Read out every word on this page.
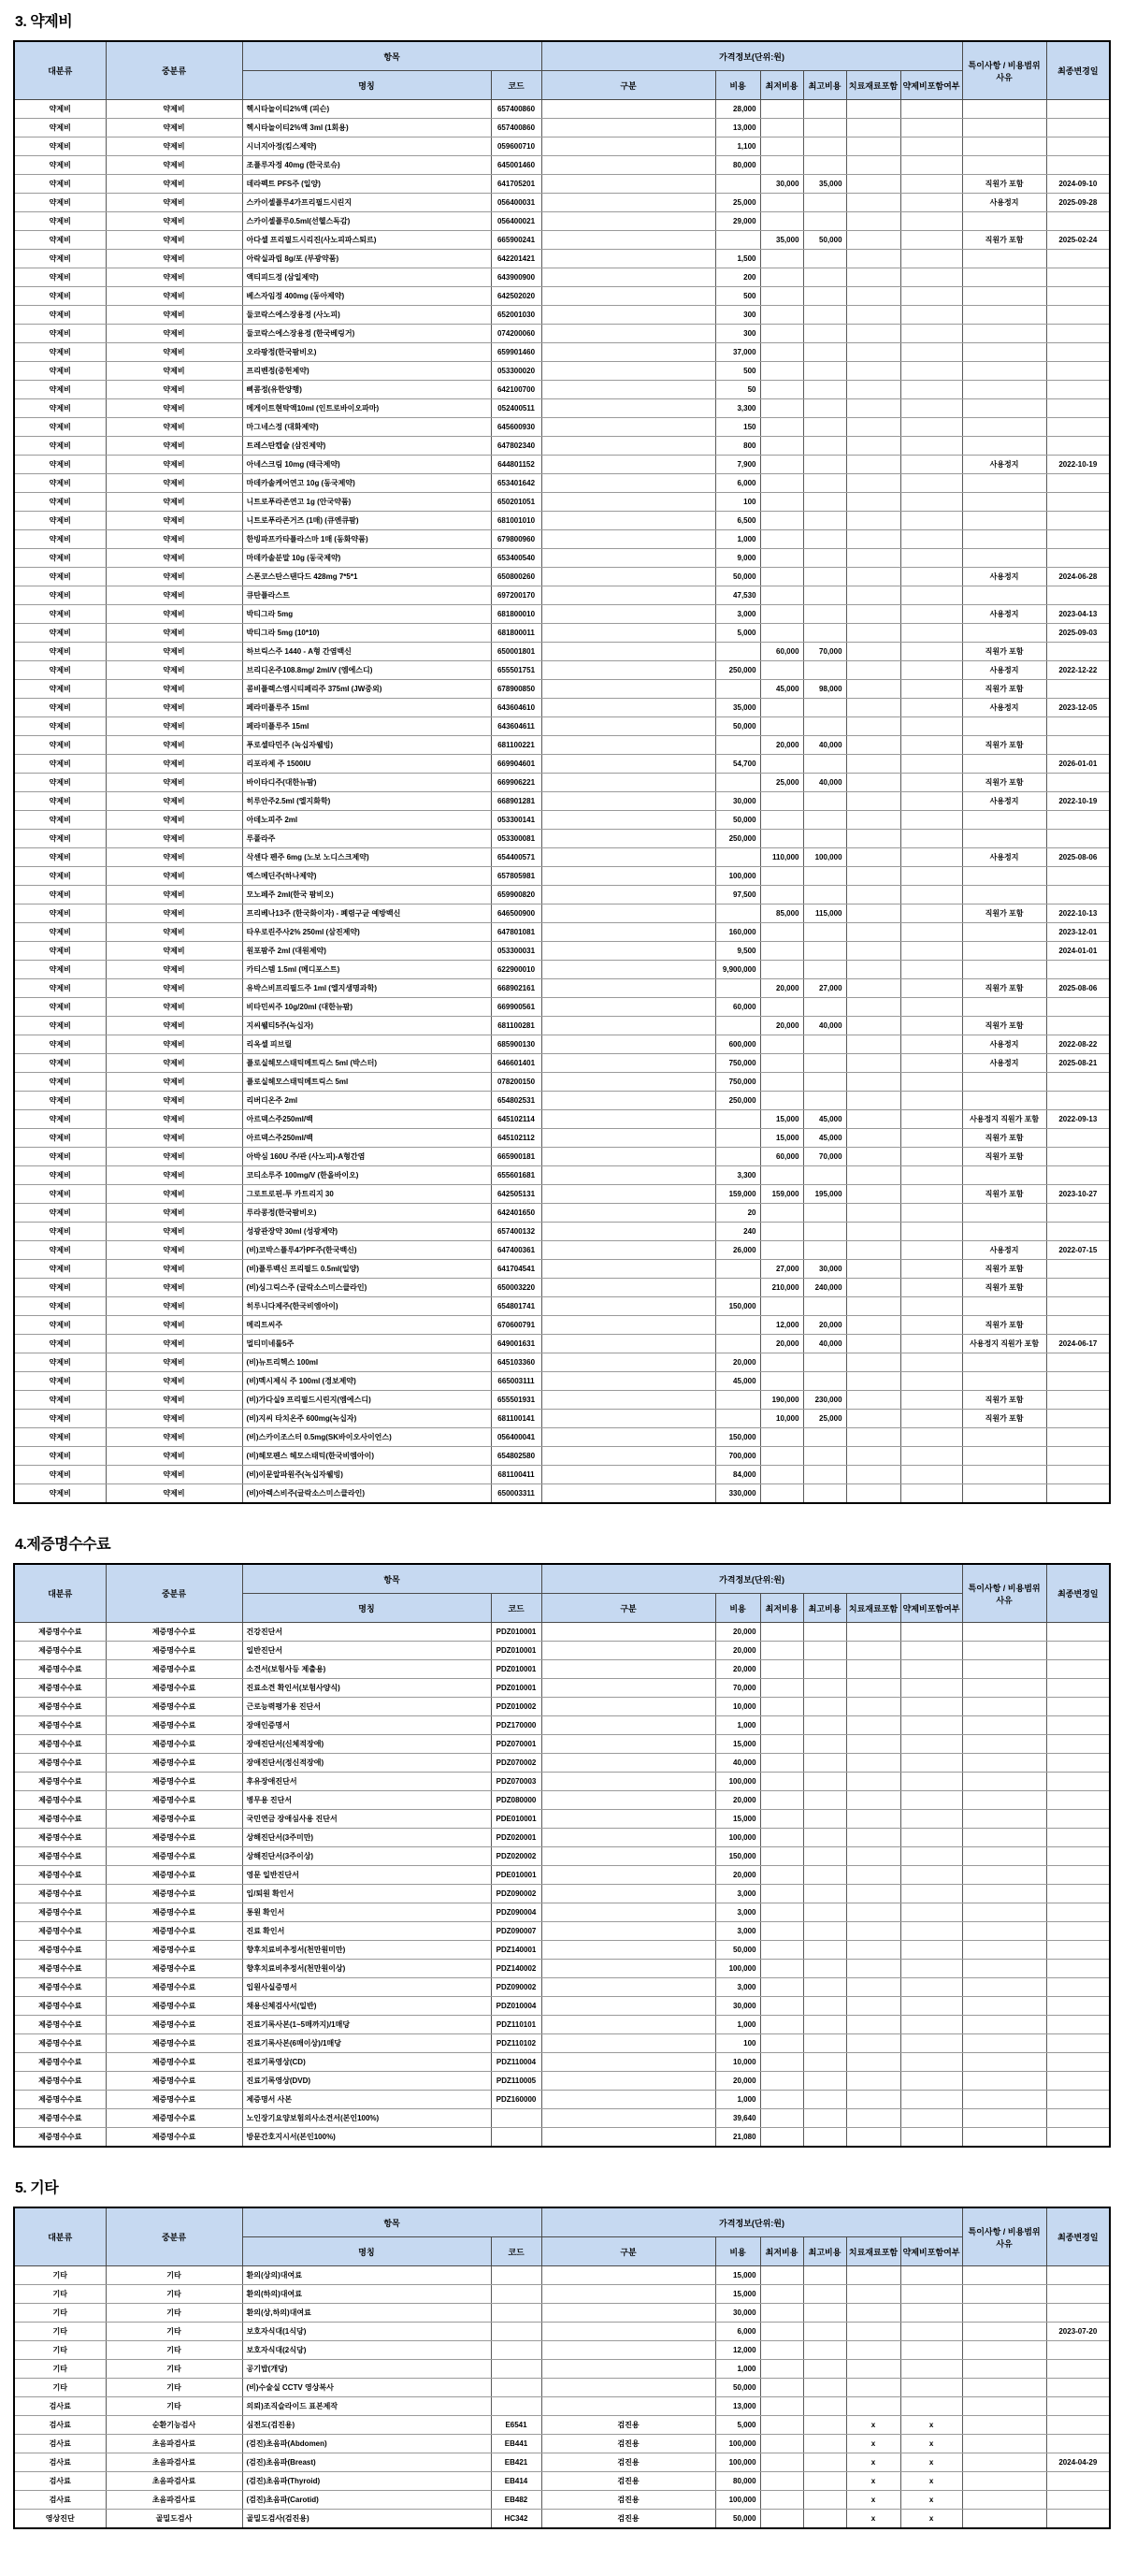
3. 약제비
대분류	중분류	항목		가격정보(단위:원)						특이사항 / 비용범위사유	최종변경일
		명칭	코드	구분	비용	최저비용	최고비용	치료재료포함	약제비포함여부		
약제비	약제비	헥시타놀이티2%액 (피슨)	657400860		28,000						
약제비	약제비	헥시타놀이티2%액 3ml (1회용)	657400860		13,000						
약제비	약제비	시너지아정(킴스제약)	059600710		1,100						
약제비	약제비	조플루자정 40mg (한국로슈)	645001460		80,000						
약제비	약제비	데라펙트 PFS주 (일양)	641705201			30,000	35,000			직원가 포함	2024-09-10
약제비	약제비	스카이셀플루4가프리필드시린지	056400031		25,000					사용정지	2025-09-28
약제비	약제비	스카이셀플루0.5ml(선헬스독감)	056400021		29,000						
약제비	약제비	아다셀 프리필드시리진(사노피파스퇴르)	665900241			35,000	50,000			직원가 포함	2025-02-24
약제비	약제비	아락실과립 8g/포 (부광약품)	642201421		1,500						
약제비	약제비	액티피드정 (삼일제약)	643900900		200						
약제비	약제비	베스자임정 400mg (동아제약)	642502020		500						
약제비	약제비	둘코락스에스장용정 (사노피)	652001030		300						
약제비	약제비	둘코락스에스장용정 (한국베링거)	074200060		300						
약제비	약제비	오라팡정(한국팜비오)	659901460		37,000						
약제비	약제비	프리벤정(중헌제약)	053300020		500						
약제비	약제비	삐콤정(유한양행)	642100700		50						
약제비	약제비	메게이트현탁액10ml (인트로바이오파마)	052400511		3,300						
약제비	약제비	마그네스정 (대화제약)	645600930		150						
약제비	약제비	트레스탄캡슐 (삼진제약)	647802340		800						
약제비	약제비	아네스크림 10mg (태극제약)	644801152		7,900					사용정지	2022-10-19
약제비	약제비	마데카솔케어연고 10g (동국제약)	653401642		6,000						
약제비	약제비	니트로푸라존연고 1g (안국약품)	650201051		100						
약제비	약제비	니트로푸라존거즈 (1매) (큐엔큐팜)	681001010		6,500						
약제비	약제비	한빙파프카타플라스마 1매 (동화약품)	679800960		1,000						
약제비	약제비	마데카솔분말 10g (동국제약)	653400540		9,000						
약제비	약제비	스폰코스탄스탠다드 428mg 7*5*1	650800260		50,000					사용정지	2024-06-28
약제비	약제비	큐탄플라스트	697200170		47,530						
약제비	약제비	박티그라 5mg	681800010		3,000					사용정지	2023-04-13
약제비	약제비	박티그라 5mg (10*10)	681800011		5,000						2025-09-03
약제비	약제비	하브릭스주 1440 - A형 간염백신	650001801			60,000	70,000			직원가 포함	
약제비	약제비	브리디온주108.8mg/ 2ml/V (엠에스디)	655501751		250,000					사용정지	2022-12-22
약제비	약제비	콤비플렉스엠시티페리주 375ml (JW중외)	678900850			45,000	98,000			직원가 포함	
약제비	약제비	페라미플루주 15ml	643604610		35,000					사용정지	2023-12-05
약제비	약제비	페라미플루주 15ml	643604611		50,000						
약제비	약제비	푸로셀타민주 (녹십자웰빙)	681100221			20,000	40,000			직원가 포함	
약제비	약제비	리포라제 주 1500IU	669904601		54,700						2026-01-01
약제비	약제비	바이타디주(대한뉴팜)	669906221			25,000	40,000			직원가 포함	
약제비	약제비	히루안주2.5ml (엘지화학)	668901281		30,000					사용정지	2022-10-19
약제비	약제비	아데노피주 2ml	053300141		50,000						
약제비	약제비	루폴라주	053300081		250,000						
약제비	약제비	삭센다 펜주 6mg (노보 노디스크제약)	654400571			110,000	100,000			사용정지	2025-08-06
약제비	약제비	엑스메딘주(하나제약)	657805981		100,000						
약제비	약제비	모노페주 2ml(한국 팜비오)	659900820		97,500						
약제비	약제비	프리베나13주 (한국화이자) - 폐렴구균 예방백신	646500900			85,000	115,000			직원가 포함	2022-10-13
약제비	약제비	타우로린주사2% 250ml (삼진제약)	647801081		160,000						2023-12-01
약제비	약제비	원포팜주 2ml (대원제약)	053300031		9,500						2024-01-01
약제비	약제비	카티스템 1.5ml (메디포스트)	622900010		9,900,000						
약제비	약제비	유박스비프리필드주 1ml (엘지생명과학)	668902161			20,000	27,000			직원가 포함	2025-08-06
약제비	약제비	비타민씨주 10g/20ml (대한뉴팜)	669900561		60,000						
약제비	약제비	지씨웰티5주(녹십자)	681100281			20,000	40,000			직원가 포함	
약제비	약제비	리옥셀 피브릴	685900130		600,000					사용정지	2022-08-22
약제비	약제비	플로실헤모스태틱메트릭스 5ml (박스터)	646601401		750,000					사용정지	2025-08-21
약제비	약제비	플로실헤모스태틱메트릭스 5ml	078200150		750,000						
약제비	약제비	리버디온주 2ml	654802531		250,000						
약제비	약제비	아르덱스주250ml/백	645102114			15,000	45,000			사용정지 직원가 포함	2022-09-13
약제비	약제비	아르덱스주250ml/백	645102112			15,000	45,000			직원가 포함	
약제비	약제비	아박심 160U 주/관 (사노피)-A형간염	665900181			60,000	70,000			직원가 포함	
약제비	약제비	코티소루주 100mg/V (한올바이오)	655601681		3,300						
약제비	약제비	그로트로핀-투 카트리지 30	642505131		159,000	159,000	195,000			직원가 포함	2023-10-27
약제비	약제비	루라콩정(한국팜비오)	642401650		20						
약제비	약제비	성광관장약 30ml (성광제약)	657400132		240						
약제비	약제비	(비)코박스플루4가PF주(한국백신)	647400361		26,000					사용정지	2022-07-15
약제비	약제비	(비)플루백신 프리필드 0.5ml(일양)	641704541			27,000	30,000			직원가 포함	
약제비	약제비	(비)싱그릭스주 (글락소스미스클라인)	650003220			210,000	240,000			직원가 포함	
약제비	약제비	히루니다제주(한국비엠아이)	654801741		150,000						
약제비	약제비	메리트씨주	670600791			12,000	20,000			직원가 포함	
약제비	약제비	멀티미네룰5주	649001631			20,000	40,000			사용정지 직원가 포함	2024-06-17
약제비	약제비	(비)뉴트리헥스 100ml	645103360		20,000						
약제비	약제비	(비)멕시제식 주 100ml (경보제약)	665003111		45,000						
약제비	약제비	(비)가다실9 프리필드시린지(엠에스디)	655501931			190,000	230,000			직원가 포함	
약제비	약제비	(비)지씨 타치온주 600mg(녹십자)	681100141			10,000	25,000			직원가 포함	
약제비	약제비	(비)스카이조스터 0.5mg(SK바이오사이언스)	056400041		150,000						
약제비	약제비	(비)헤모펜스 헤모스태틱(한국비엠아이)	654802580		700,000						
약제비	약제비	(비)이문알파원주(녹십자웰빙)	681100411		84,000						
약제비	약제비	(비)아렉스비주(글락소스미스클라인)	650003311		330,000						
4.제증명수수료
대분류	중분류	항목		가격정보(단위:원)						특이사항 / 비용범위사유	최종변경일
		명칭	코드	구분	비용	최저비용	최고비용	치료재료포함	약제비포함여부		
제증명수수료	제증명수수료	건강진단서	PDZ010001		20,000						
제증명수수료	제증명수수료	일반진단서	PDZ010001		20,000						
제증명수수료	제증명수수료	소견서(보험사등 제출용)	PDZ010001		20,000						
제증명수수료	제증명수수료	진료소견 확인서(보험사양식)	PDZ010001		70,000						
제증명수수료	제증명수수료	근로능력평가용 진단서	PDZ010002		10,000						
제증명수수료	제증명수수료	장애인증명서	PDZ170000		1,000						
제증명수수료	제증명수수료	장애진단서(신체적장애)	PDZ070001		15,000						
제증명수수료	제증명수수료	장애진단서(정신적장애)	PDZ070002		40,000						
제증명수수료	제증명수수료	후유장애진단서	PDZ070003		100,000						
제증명수수료	제증명수수료	병무용 진단서	PDZ080000		20,000						
제증명수수료	제증명수수료	국민연금 장애심사용 진단서	PDE010001		15,000						
제증명수수료	제증명수수료	상해진단서(3주미만)	PDZ020001		100,000						
제증명수수료	제증명수수료	상해진단서(3주이상)	PDZ020002		150,000						
제증명수수료	제증명수수료	영문 일반진단서	PDE010001		20,000						
제증명수수료	제증명수수료	입/퇴원 확인서	PDZ090002		3,000						
제증명수수료	제증명수수료	통원 확인서	PDZ090004		3,000						
제증명수수료	제증명수수료	진료 확인서	PDZ090007		3,000						
제증명수수료	제증명수수료	향후치료비추정서(천만원미만)	PDZ140001		50,000						
제증명수수료	제증명수수료	향후치료비추정서(천만원이상)	PDZ140002		100,000						
제증명수수료	제증명수수료	입원사실증명서	PDZ090002		3,000						
제증명수수료	제증명수수료	채용신체검사서(일반)	PDZ010004		30,000						
제증명수수료	제증명수수료	진료기록사본(1~5매까지)/1매당	PDZ110101		1,000						
제증명수수료	제증명수수료	진료기록사본(6매이상)/1매당	PDZ110102		100						
제증명수수료	제증명수수료	진료기록영상(CD)	PDZ110004		10,000						
제증명수수료	제증명수수료	진료기록영상(DVD)	PDZ110005		20,000						
제증명수수료	제증명수수료	제증명서 사본	PDZ160000		1,000						
제증명수수료	제증명수수료	노인장기요양보험의사소견서(본인100%)			39,640						
제증명수수료	제증명수수료	방문간호지시서(본인100%)			21,080						
5. 기타
대분류	중분류	항목		가격정보(단위:원)						특이사항 / 비용범위사유	최종변경일
		명칭	코드	구분	비용	최저비용	최고비용	치료재료포함	약제비포함여부		
기타	기타	환의(상의)대여료			15,000						
기타	기타	환의(하의)대여료			15,000						
기타	기타	환의(상,하의)대여료			30,000						
기타	기타	보호자식대(1식당)			6,000						2023-07-20
기타	기타	보호자식대(2식당)			12,000						
기타	기타	공기밥(개당)			1,000						
기타	기타	(비)수술실 CCTV 영상복사			50,000						
검사료	기타	의뢰)조직슬라이드 표본제작			13,000						
검사료	순환기능검사	심전도(검진용)	E6541	검진용	5,000			x	x		
검사료	초음파검사료	(검진)초음파(Abdomen)	EB441	검진용	100,000			x	x		
검사료	초음파검사료	(검진)초음파(Breast)	EB421	검진용	100,000			x	x		2024-04-29
검사료	초음파검사료	(검진)초음파(Thyroid)	EB414	검진용	80,000			x	x		
검사료	초음파검사료	(검진)초음파(Carotid)	EB482	검진용	100,000			x	x		
영상진단	골밀도검사	골밀도검사(검진용)	HC342	검진용	50,000			x	x		
